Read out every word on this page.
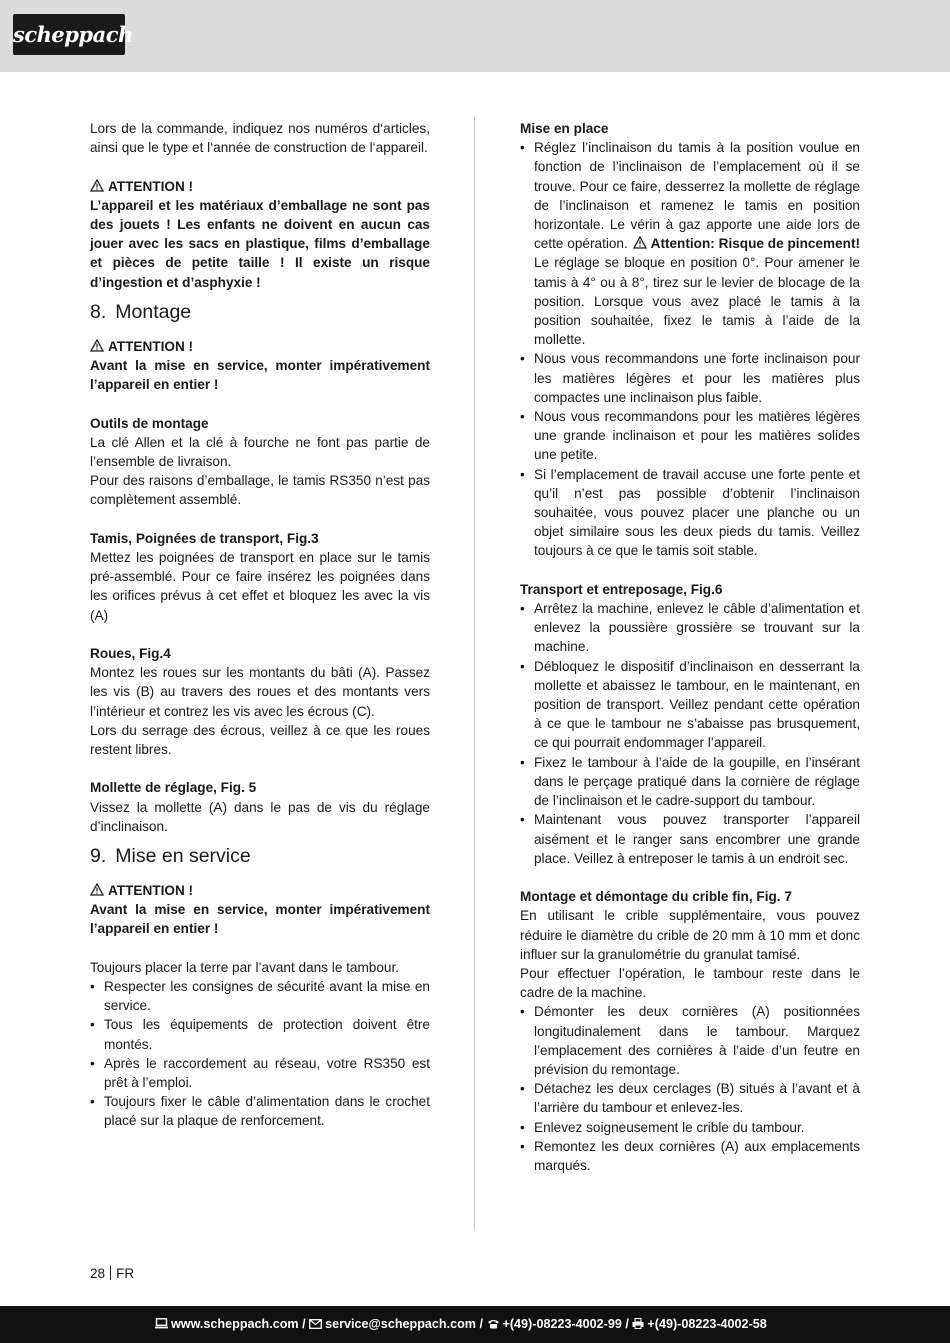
scheppach

Lors de la commande, indiquez nos numéros d‘articles, ainsi que le type et l‘année de construction de l‘appareil.

ATTENTION !

L’appareil et les matériaux d’emballage ne sont pas des jouets ! Les enfants ne doivent en aucun cas jouer avec les sacs en plastique, films d’emballage et pièces de petite taille ! Il existe un risque d’ingestion et d’asphyxie !

8. Montage
ATTENTION !

Avant la mise en service, monter impérativement l’appareil en entier !

Outils de montage

La clé Allen et la clé à fourche ne font pas partie de l’ensemble de livraison.

Pour des raisons d’emballage, le tamis RS350 n’est pas complètement assemblé.

Tamis, Poignées de transport, Fig.3

Mettez les poignées de transport en place sur le tamis pré-assemblé. Pour ce faire insérez les poignées dans les orifices prévus à cet effet et bloquez les avec la vis (A)

Roues, Fig.4

Montez les roues sur les montants du bâti (A). Passez les vis (B) au travers des roues et des montants vers l’intérieur et contrez les vis avec les écrous (C).

Lors du serrage des écrous, veillez à ce que les roues restent libres.

Mollette de réglage, Fig. 5

Vissez la mollette (A) dans le pas de vis du réglage d’inclinaison.

9. Mise en service
ATTENTION !

Avant la mise en service, monter impérativement l’appareil en entier !

Toujours placer la terre par l’avant dans le tambour.

• Respecter les consignes de sécurité avant la mise en service.
• Tous les équipements de protection doivent être montés.
• Après le raccordement au réseau, votre RS350 est prêt à l’emploi.
• Toujours fixer le câble d’alimentation dans le crochet placé sur la plaque de renforcement.
Mise en place
• Réglez l’inclinaison du tamis à la position voulue en fonction de l’inclinaison de l’emplacement où il se trouve. Pour ce faire, desserrez la mollette de réglage de l’inclinaison et ramenez le tamis en position horizontale. Le vérin à gaz apporte une aide lors de cette opération. Attention: Risque de pincement! Le réglage se bloque en position 0°. Pour amener le tamis à 4° ou à 8°, tirez sur le levier de blocage de la position. Lorsque vous avez placé le tamis à la position souhaitée, fixez le tamis à l’aide de la mollette.
• Nous vous recommandons une forte inclinaison pour les matières légères et pour les matières plus compactes une inclinaison plus faible.
• Nous vous recommandons pour les matières légères une grande inclinaison et pour les matières solides une petite.
• Si l’emplacement de travail accuse une forte pente et qu’il n’est pas possible d’obtenir l’inclinaison souhaitée, vous pouvez placer une planche ou un objet similaire sous les deux pieds du tamis. Veillez toujours à ce que le tamis soit stable.
Transport et entreposage, Fig.6
• Arrêtez la machine, enlevez le câble d’alimentation et enlevez la poussière grossière se trouvant sur la machine.
• Débloquez le dispositif d’inclinaison en desserrant la mollette et abaissez le tambour, en le maintenant, en position de transport. Veillez pendant cette opération à ce que le tambour ne s’abaisse pas brusquement, ce qui pourrait endommager l’appareil.
• Fixez le tambour à l’aide de la goupille, en l’insérant dans le perçage pratiqué dans la cornière de réglage de l’inclinaison et le cadre-support du tambour.
• Maintenant vous pouvez transporter l’appareil aisément et le ranger sans encombrer une grande place. Veillez à entreposer le tamis à un endroit sec.
Montage et démontage du crible fin, Fig. 7

En utilisant le crible supplémentaire, vous pouvez réduire le diamètre du crible de 20 mm à 10 mm et donc influer sur la granulométrie du granulat tamisé.

Pour effectuer l’opération, le tambour reste dans le cadre de la machine.

• Démonter les deux cornières (A) positionnées longitudinalement dans le tambour. Marquez l’emplacement des cornières à l’aide d’un feutre en prévision du remontage.
• Détachez les deux cerclages (B) situés à l’avant et à l’arrière du tambour et enlevez-les.
• Enlevez soigneusement le crible du tambour.
• Remontez les deux cornières (A) aux emplacements marqués.
28 FR
www.scheppach.com / service@scheppach.com / +(49)-08223-4002-99 / +(49)-08223-4002-58
